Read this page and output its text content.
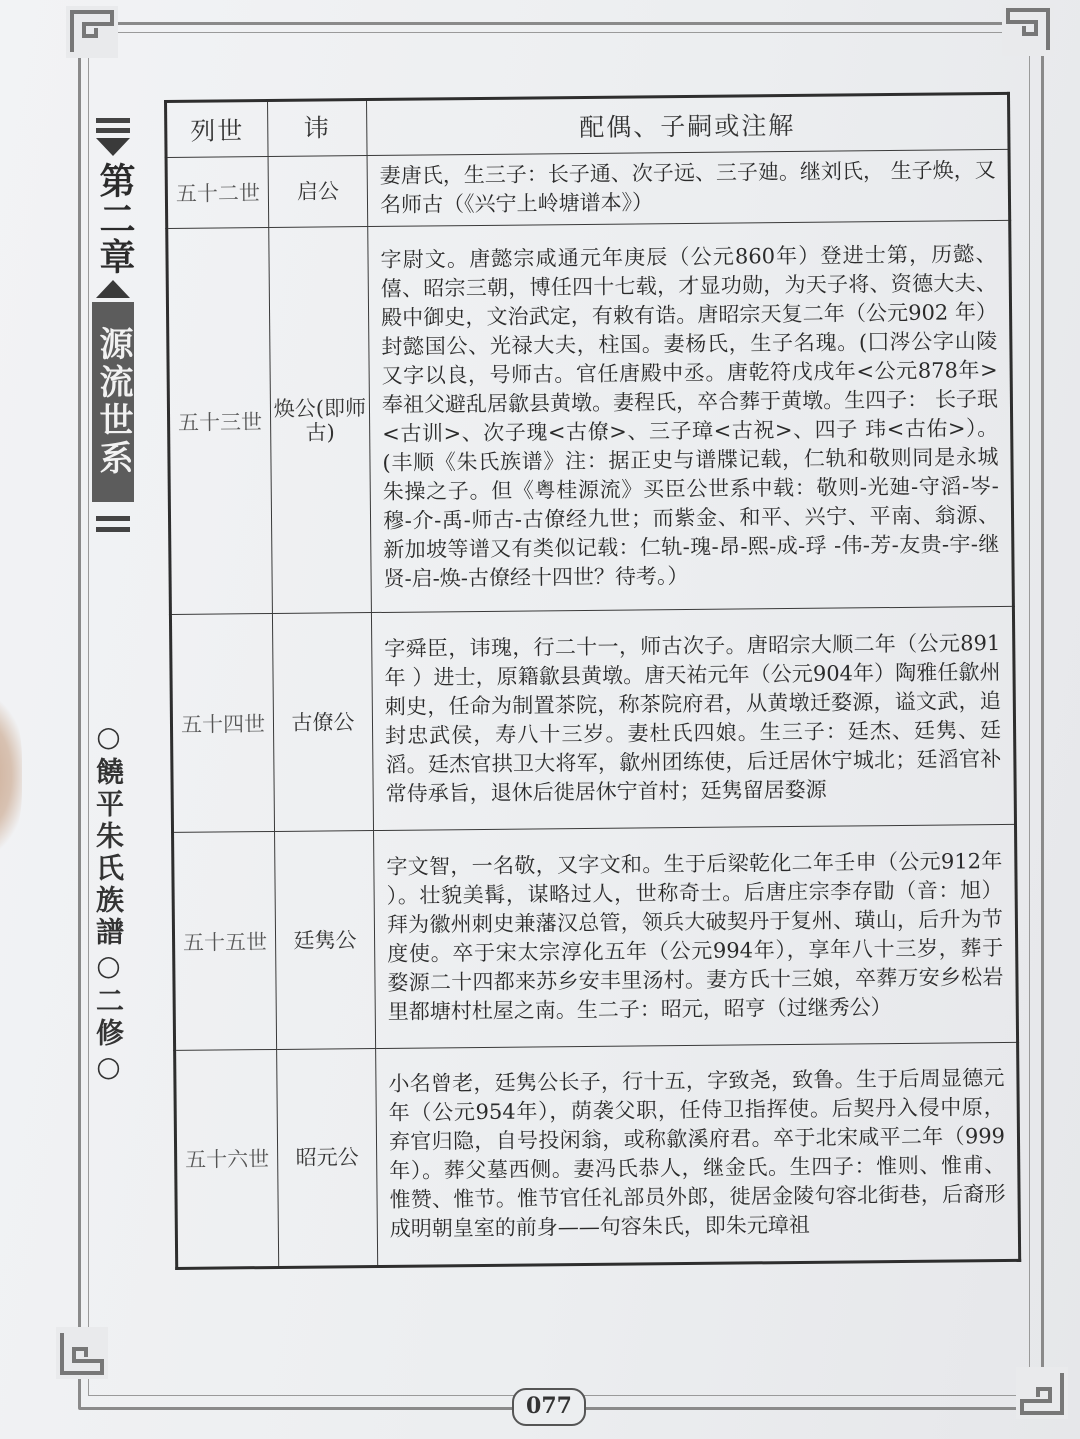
第二章
源流世系
○饒平朱氏族譜○二修○
列世	讳	配偶、子嗣或注解
五十二世	启公	妻唐氏，生三子：长子通、次子远、三子廸。继刘氏， 生子焕，又名师古（《兴宁上岭塘谱本》）
五十三世	焕公(即师古)	字尉文。唐懿宗咸通元年庚辰（公元860年）登进士第，历懿、僖、昭宗三朝，博任四十七载，才显功勋，为天子将、资德大夫、殿中御史，文治武定，有敕有诰。唐昭宗天复二年（公元902 年） 封懿国公、光禄大夫，柱国。妻杨氏，生子名瑰。(囗涔公字山陵又字以良，号师古。官任唐殿中丞。唐乾符戊戌年<公元878年>奉祖父避乱居歙县黄墩。妻程氏，卒合葬于黄墩。生四子： 长子珉<古训>、次子瑰<古僚>、三子璋<古祝>、四子 玮<古佑>）。(丰顺《朱氏族谱》注：据正史与谱牒记载，仁轨和敬则同是永城朱操之子。但《粤桂源流》买臣公世系中载：敬则-光廸-守滔-岑-穆-介-禹-师古-古僚经九世；而紫金、和平、兴宁、平南、翁源、新加坡等谱又有类似记载：仁轨-瑰-昂-熙-成-琈 -伟-芳-友贵-宇-继贤-启-焕-古僚经十四世？待考。）
五十四世	古僚公	字舜臣，讳瑰，行二十一，师古次子。唐昭宗大顺二年（公元891年 ）进士，原籍歙县黄墩。唐天祐元年（公元904年）陶雅任歙州刺史，任命为制置茶院，称茶院府君，从黄墩迁婺源，谥文武，追封忠武侯，寿八十三岁。妻杜氏四娘。生三子：廷杰、廷隽、廷滔。廷杰官拱卫大将军，歙州团练使，后迁居休宁城北；廷滔官补常侍承旨，退休后徙居休宁首村；廷隽留居婺源
五十五世	廷隽公	字文智，一名敬，又字文和。生于后梁乾化二年壬申（公元912年 ）。壮貌美髯，谋略过人，世称奇士。后唐庄宗李存勖（音：旭）拜为徽州刺史兼藩汉总管，领兵大破契丹于复州、璜山，后升为节度使。卒于宋太宗淳化五年（公元994年），享年八十三岁，葬于婺源二十四都来苏乡安丰里汤村。妻方氏十三娘，卒葬万安乡松岩里都塘村杜屋之南。生二子：昭元，昭亨（过继秀公）
五十六世	昭元公	小名曾老，廷隽公长子，行十五，字致尧，致鲁。生于后周显德元年（公元954年），荫袭父职，任侍卫指挥使。后契丹入侵中原，弃官归隐，自号投闲翁，或称歙溪府君。卒于北宋咸平二年（999年）。葬父墓西侧。妻冯氏恭人，继金氏。生四子：惟则、惟甫、惟赞、惟节。惟节官任礼部员外郎，徙居金陵句容北街巷，后裔形成明朝皇室的前身——句容朱氏，即朱元璋祖
077
